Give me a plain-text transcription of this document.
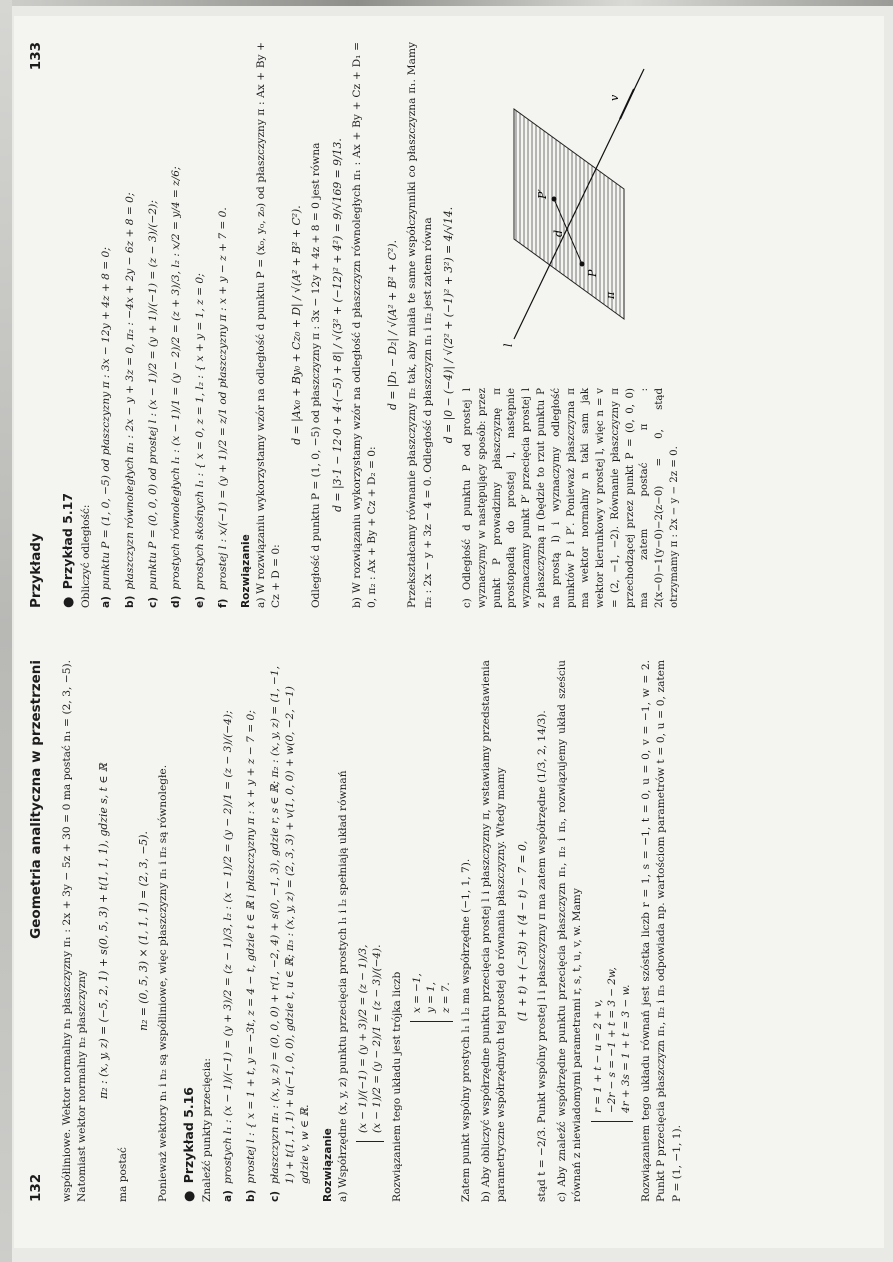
132
Geometria analityczna w przestrzeni współliniowe. Wektor normalny n₁ płaszczyzny π₁ : 2x + 3y − 5z + 30 = 0 ma postać n₁ = (2, 3, −5). Natomiast wektor normalny n₂ płaszczyzny π₂ : (x, y, z) = (−5, 2, 1) + s(0, 5, 3) + t(1, 1, 1), gdzie s, t ∈ ℝ

ma postać

n₂ = (0, 5, 3) × (1, 1, 1) = (2, 3, −5). Ponieważ wektory n₁ i n₂ są współliniowe, więc płaszczyzny π₁ i π₂ są równoległe. ● Przykład 5.16 Znaleźć punkty przecięcia: a)
prostych l₁ : (x − 1)/(−1) = (y + 3)/2 = (z − 1)/3, l₂ : (x − 1)/2 = (y − 2)/1 = (z − 3)/(−4);
b)
prostej l : { x = 1 + t, y = −3t, z = 4 − t, gdzie t ∈ ℝ i płaszczyzny π : x + y + z − 7 = 0;
c)
płaszczyzn π₁ : (x, y, z) = (0, 0, 0) + r(1, −2, 4) + s(0, −1, 3), gdzie r, s ∈ ℝ; π₂ : (x, y, z) = (1, −1, 1) + t(1, 1, 1) + u(−1, 0, 0), gdzie t, u ∈ ℝ; π₃ : (x, y, z) = (2, 3, 3) + v(1, 0, 0) + w(0, −2, −1) gdzie v, w ∈ ℝ. Rozwiązanie a) Współrzędne (x, y, z) punktu przecięcia prostych l₁ i l₂ spełniają układ równań (x − 1)/(−1) = (y + 3)/2 = (z − 1)/3, (x − 1)/2 = (y − 2)/1 = (z − 3)/(−4). Rozwiązaniem tego układu jest trójka liczb x = −1, y = 1, z = 7. Zatem punkt wspólny prostych l₁ i l₂ ma współrzędne (−1, 1, 7). b) Aby obliczyć współrzędne punktu przecięcia prostej l i płaszczyzny π, wstawiamy przedstawienia parametryczne współrzędnych tej prostej do równania płaszczyzny. Wtedy mamy (1 + t) + (−3t) + (4 − t) − 7 = 0, stąd t = −2/3. Punkt wspólny prostej l i płaszczyzny π ma zatem współrzędne (1/3, 2, 14/3). c) Aby znaleźć współrzędne punktu przecięcia płaszczyzn π₁, π₂ i π₃, rozwiązujemy układ sześciu równań z niewiadomymi parametrami r, s, t, u, v, w. Mamy r = 1 + t − u = 2 + v, −2r − s = −1 + t = 3 − 2w, 4r + 3s = 1 + t = 3 − w. Rozwiązaniem tego układu równań jest szóstka liczb r = 1, s = −1, t = 0, u = 0, v = −1, w = 2. Punkt P przecięcia płaszczyzn π₁, π₂ i π₃ odpowiada np. wartościom parametrów t = 0, u = 0, zatem P = (1, −1, 1).

Przykłady
133
● Przykład 5.17 Obliczyć odległość: a)
punktu P = (1, 0, −5) od płaszczyzny π : 3x − 12y + 4z + 8 = 0;
b)
płaszczyzn równoległych π₁ : 2x − y + 3z = 0, π₂ : −4x + 2y − 6z + 8 = 0;
c)
punktu P = (0, 0, 0) od prostej l : (x − 1)/2 = (y + 1)/(−1) = (z − 3)/(−2);
d)
prostych równoległych l₁ : (x − 1)/1 = (y − 2)/2 = (z + 3)/3, l₂ : x/2 = y/4 = z/6;
e)
prostych skośnych l₁ : { x = 0, z = 1, l₂ : { x + y = 1, z = 0;
f)
prostej l : x/(−1) = (y + 1)/2 = z/1 od płaszczyzny π : x + y − z + 7 = 0. Rozwiązanie a) W rozwiązaniu wykorzystamy wzór na odległość d punktu P = (x₀, y₀, z₀) od płaszczyzny π : Ax + By + Cz + D = 0:

d = |Ax₀ + By₀ + Cz₀ + D| / √(A² + B² + C²). Odległość d punktu P = (1, 0, −5) od płaszczyzny π : 3x − 12y + 4z + 8 = 0 jest równa d = |3·1 − 12·0 + 4·(−5) + 8| / √(3² + (−12)² + 4²) = 9/√169 = 9/13. b) W rozwiązaniu wykorzystamy wzór na odległość d płaszczyzn równoległych π₁ : Ax + By + Cz + D₁ = 0, π₂ : Ax + By + Cz + D₂ = 0:

d = |D₁ − D₂| / √(A² + B² + C²). Przekształcamy równanie płaszczyzny π₂ tak, aby miała te same współczynniki co płaszczyzna π₁. Mamy π₂ : 2x − y + 3z − 4 = 0. Odległość d płaszczyzn π₁ i π₂ jest zatem równa d = |0 − (−4)| / √(2² + (−1)² + 3²) = 4/√14.

c) Odległość d punktu P od prostej l wyznaczymy w następujący sposób: przez punkt P prowadzimy płaszczyznę π prostopadłą do prostej l, następnie wyznaczamy punkt P′ przecięcia prostej l z płaszczyzną π (będzie to rzut punktu P na prostą l) i wyznaczymy odległość punktów P i P′. Ponieważ płaszczyzna π ma wektor normalny n taki sam jak wektor kierunkowy v prostej l, więc n = v = (2, −1, −2). Równanie płaszczyzny π przechodzącej przez punkt P = (0, 0, 0) ma zatem postać π : 2(x−0)−1(y−0)−2(z−0) = 0, stąd otrzymamy π : 2x − y − 2z = 0.

l
π
P
P′
d
v
